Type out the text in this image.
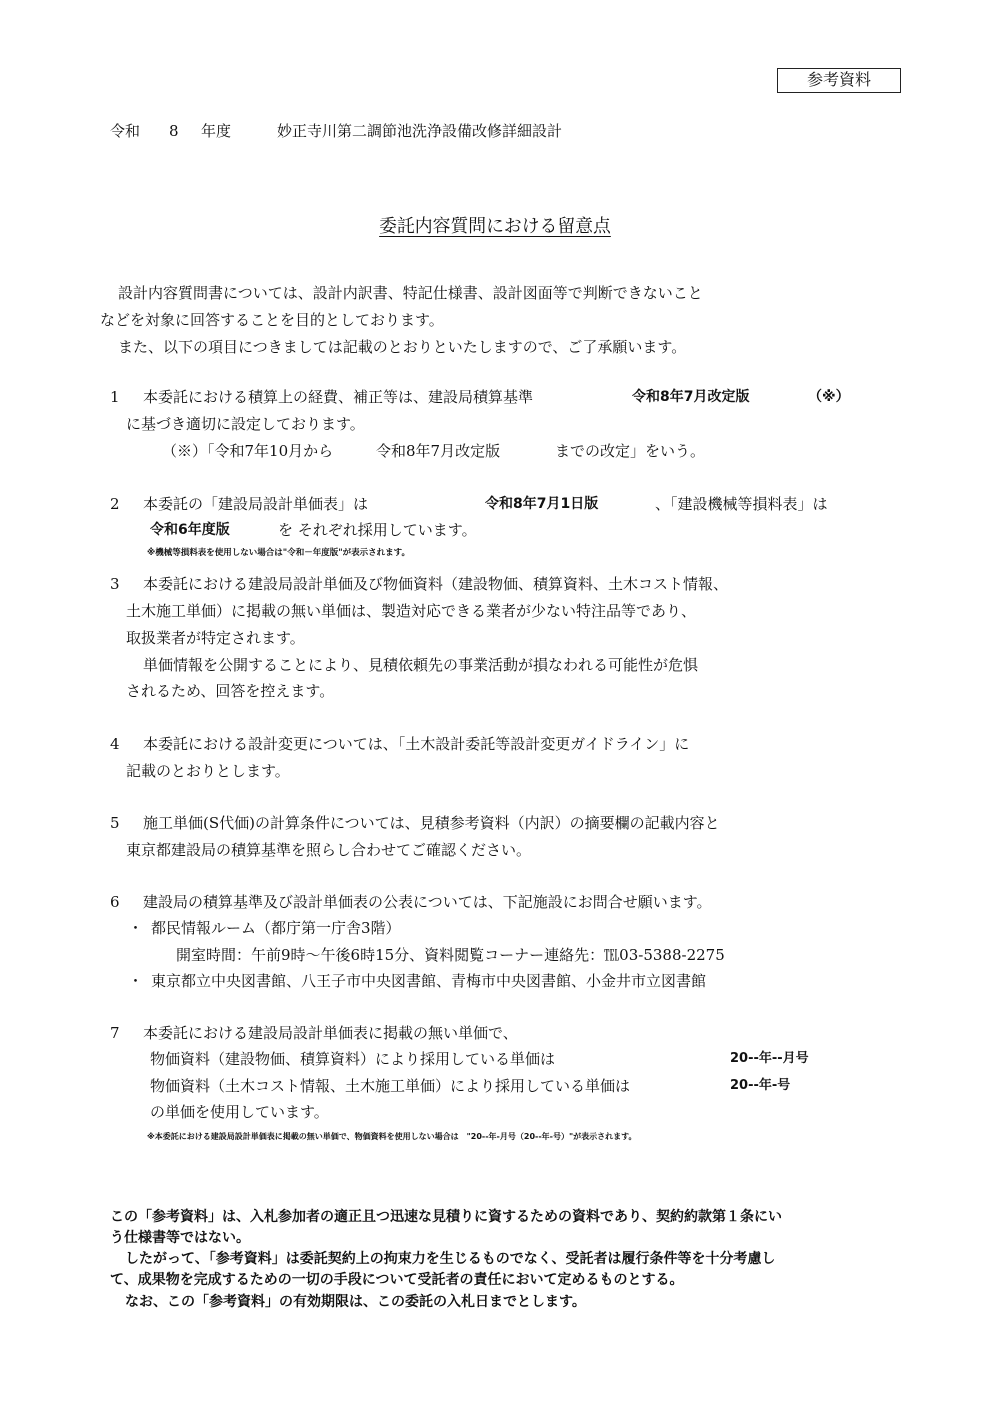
参考資料
令和 8 年度	妙正寺川第二調節池洗浄設備改修詳細設計
委託内容質問における留意点
設計内容質問書については、設計内訳書、特記仕様書、設計図面等で判断できないこと
などを対象に回答することを目的としております。
また、以下の項目につきましては記載のとおりといたしますので、ご了承願います。
1 本委託における積算上の経費、補正等は、建設局積算基準	令和8年7月改定版	（※）
に基づき適切に設定しております。
（※）「令和7年10月から	令和8年7月改定版	までの改定」をいう。
2 本委託の「建設局設計単価表」は	令和8年7月1日版	、「建設機械等損料表」は
令和6年度版	を それぞれ採用しています。
※機械等損料表を使用しない場合は"令和－年度版"が表示されます。
3 本委託における建設局設計単価及び物価資料（建設物価、積算資料、土木コスト情報、
土木施工単価）に掲載の無い単価は、製造対応できる業者が少ない特注品等であり、
取扱業者が特定されます。
単価情報を公開することにより、見積依頼先の事業活動が損なわれる可能性が危惧
されるため、回答を控えます。
4 本委託における設計変更については、「土木設計委託等設計変更ガイドライン」に
記載のとおりとします。
5 施工単価(S代価)の計算条件については、見積参考資料（内訳）の摘要欄の記載内容と
東京都建設局の積算基準を照らし合わせてご確認ください。
6 建設局の積算基準及び設計単価表の公表については、下記施設にお問合せ願います。
・ 都民情報ルーム（都庁第一庁舎3階）
開室時間：午前9時～午後6時15分、資料閲覧コーナー連絡先：℡03-5388-2275
・ 東京都立中央図書館、八王子市中央図書館、青梅市中央図書館、小金井市立図書館
7 本委託における建設局設計単価表に掲載の無い単価で、
物価資料（建設物価、積算資料）により採用している単価は	20--年--月号
物価資料（土木コスト情報、土木施工単価）により採用している単価は	20--年-号
の単価を使用しています。
※本委託における建設局設計単価表に掲載の無い単価で、物価資料を使用しない場合は　"20--年-月号（20--年-号）"が表示されます。
この「参考資料」は、入札参加者の適正且つ迅速な見積りに資するための資料であり、契約約款第１条にい
う仕様書等ではない。
したがって、「参考資料」は委託契約上の拘束力を生じるものでなく、受託者は履行条件等を十分考慮し
て、成果物を完成するための一切の手段について受託者の責任において定めるものとする。
なお、この「参考資料」の有効期限は、この委託の入札日までとします。
